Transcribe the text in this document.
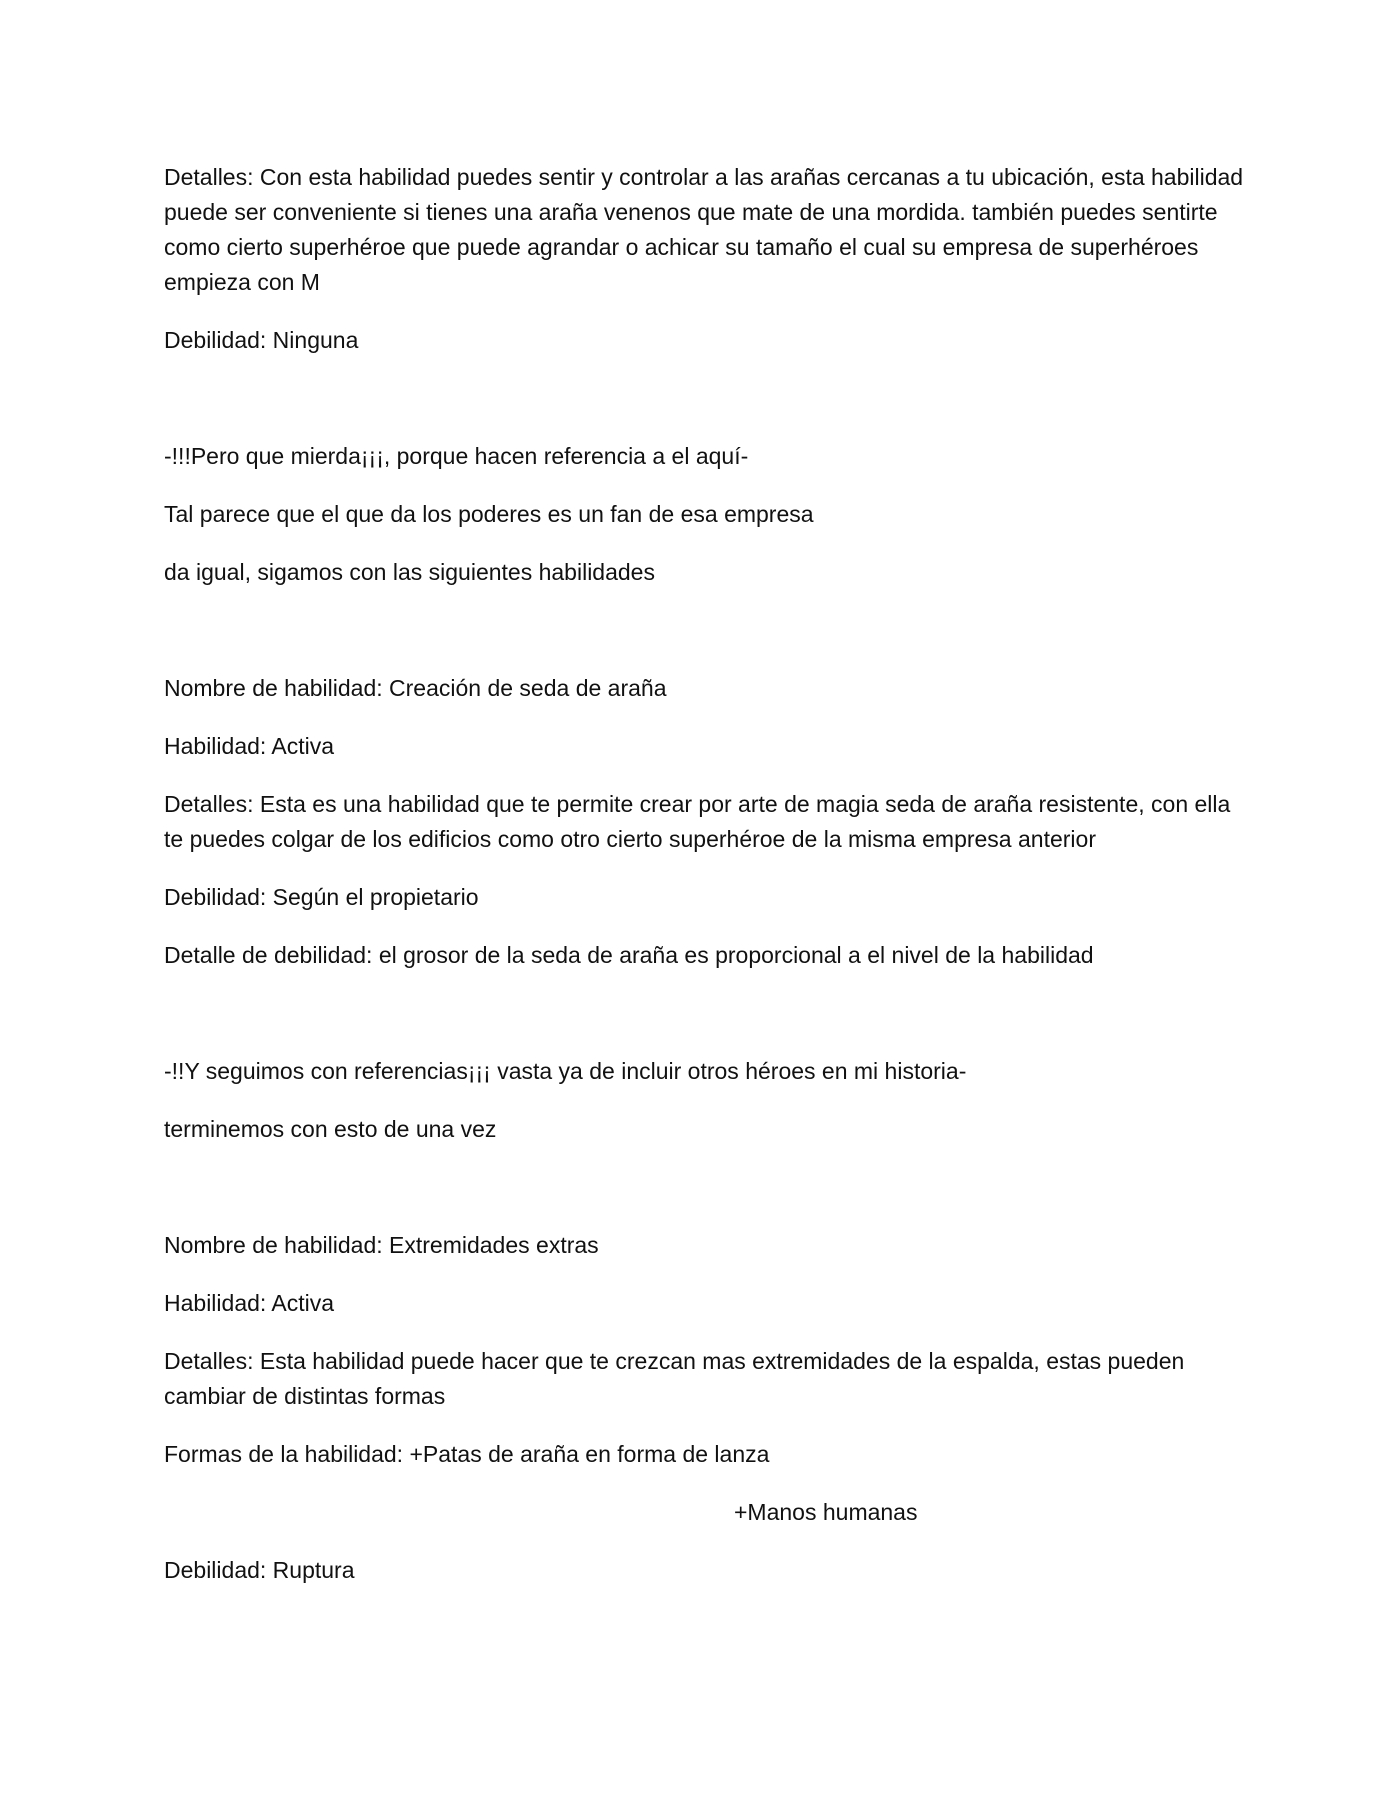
Detalles: Con esta habilidad puedes sentir y controlar a las arañas cercanas a tu ubicación, esta habilidad puede ser conveniente si tienes una araña venenos que mate de una mordida. también puedes sentirte como cierto superhéroe que puede agrandar o achicar su tamaño el cual su empresa de superhéroes empieza con M

Debilidad: Ninguna

-!!!Pero que mierda¡¡¡, porque hacen referencia a el aquí-

Tal parece que el que da los poderes es un fan de esa empresa

da igual, sigamos con las siguientes habilidades

Nombre de habilidad: Creación de seda de araña

Habilidad: Activa

Detalles: Esta es una habilidad que te permite crear por arte de magia seda de araña resistente, con ella te puedes colgar de los edificios como otro cierto superhéroe de la misma empresa anterior

Debilidad: Según el propietario

Detalle de debilidad: el grosor de la seda de araña es proporcional a el nivel de la habilidad

-!!Y seguimos con referencias¡¡¡ vasta ya de incluir otros héroes en mi historia-

terminemos con esto de una vez

Nombre de habilidad: Extremidades extras

Habilidad: Activa

Detalles: Esta habilidad puede hacer que te crezcan mas extremidades de la espalda, estas pueden cambiar de distintas formas

Formas de la habilidad: +Patas de araña en forma de lanza

+Manos humanas

Debilidad: Ruptura
